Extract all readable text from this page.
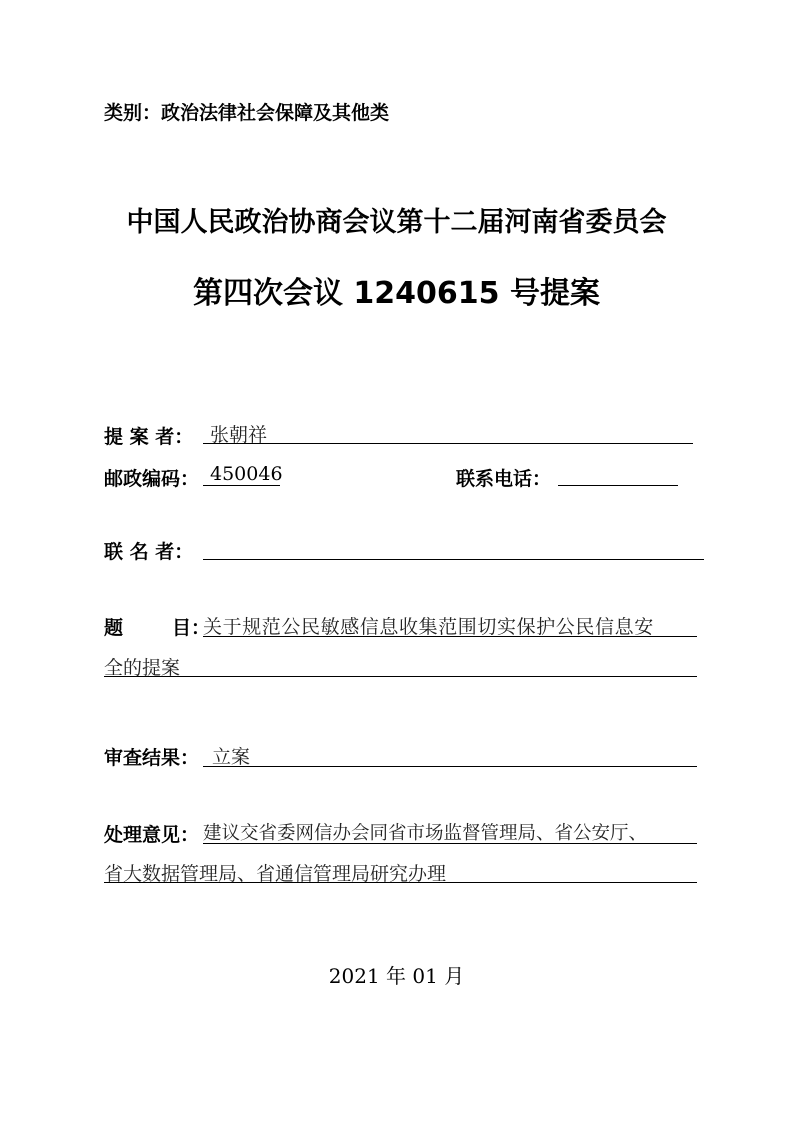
类别：政治法律社会保障及其他类
中国人民政治协商会议第十二届河南省委员会
第四次会议 1240615 号提案
提 案 者： 张朝祥
邮政编码： 450046	联系电话：
联 名 者：
题	目：
关于规范公民敏感信息收集范围切实保护公民信息安
全的提案
审查结果： 立案
处理意见： 建议交省委网信办会同省市场监督管理局、省公安厅、
省大数据管理局、省通信管理局研究办理
2021 年 01 月
